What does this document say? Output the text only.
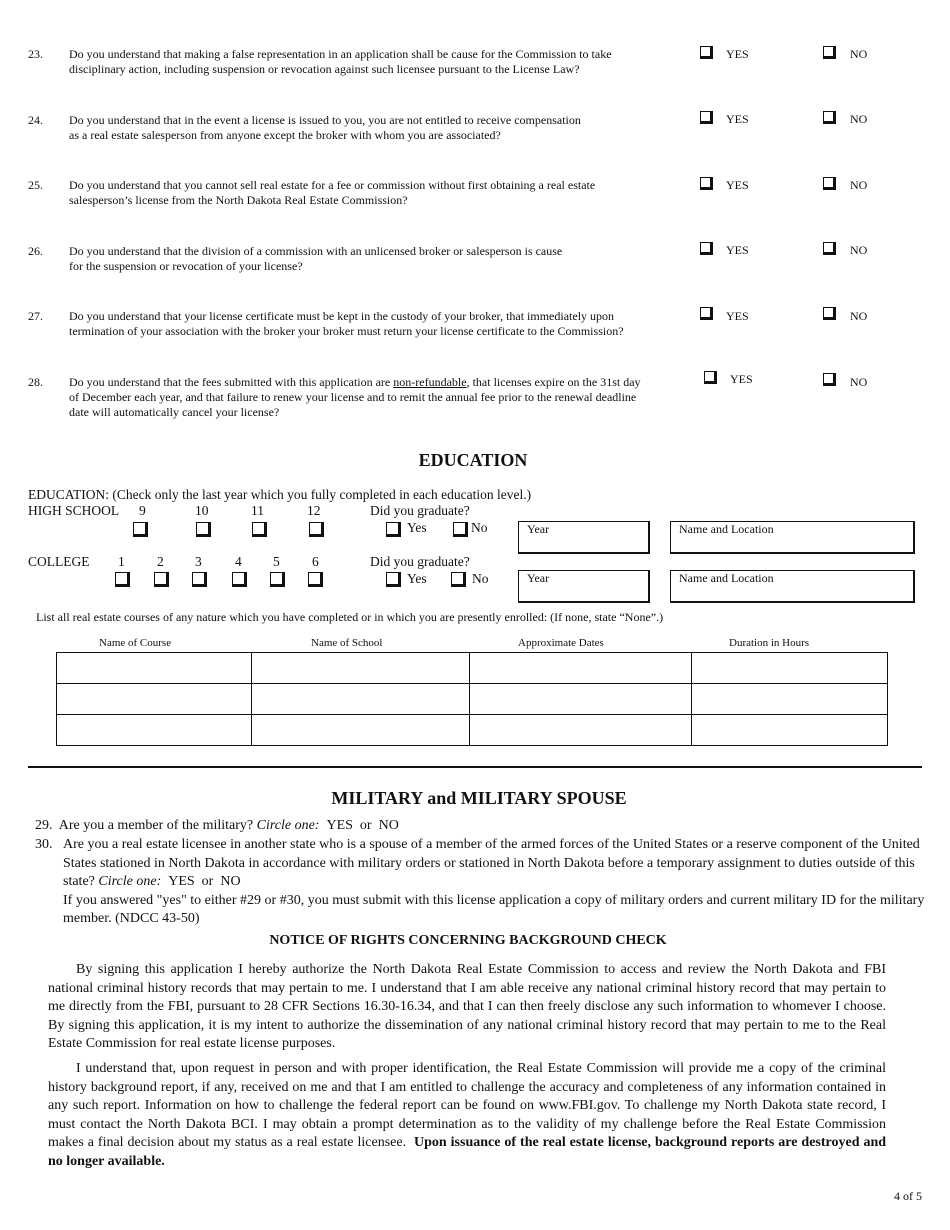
23. Do you understand that making a false representation in an application shall be cause for the Commission to take
disciplinary action, including suspension or revocation against such licensee pursuant to the License Law?
YES	NO
24. Do you understand that in the event a license is issued to you, you are not entitled to receive compensation
as a real estate salesperson from anyone except the broker with whom you are associated?
YES	NO
25. Do you understand that you cannot sell real estate for a fee or commission without first obtaining a real estate
salesperson’s license from the North Dakota Real Estate Commission?
YES	NO
26. Do you understand that the division of a commission with an unlicensed broker or salesperson is cause
for the suspension or revocation of your license?
YES	NO
27. Do you understand that your license certificate must be kept in the custody of your broker, that immediately upon
termination of your association with the broker your broker must return your license certificate to the Commission?
YES	NO
28. Do you understand that the fees submitted with this application are non-refundable, that licenses expire on the 31st day
of December each year, and that failure to renew your license and to remit the annual fee prior to the renewal deadline
date will automatically cancel your license?
YES	NO
EDUCATION
EDUCATION: (Check only the last year which you fully completed in each education level.)
HIGH SCHOOL 9	10	11	12	Did you graduate?
Yes	No	Year	Name and Location
COLLEGE 1 2 3 4 5 6	Did you graduate?
Yes	No	Year	Name and Location
List all real estate courses of any nature which you have completed or in which you are presently enrolled: (If none, state “None”.)
Name of Course	Name of School	Approximate Dates	Duration in Hours

MILITARY and MILITARY SPOUSE
29. Are you a member of the military? Circle one: YES  or  NO
30. Are you a real estate licensee in another state who is a spouse of a member of the armed forces of the United States or a reserve component of the United States stationed in North Dakota in accordance with military orders or stationed in North Dakota before a temporary assignment to duties outside of this state? Circle one: YES  or  NO
If you answered "yes" to either #29 or #30, you must submit with this license application a copy of military orders and current military ID for the military member. (NDCC 43-50)
NOTICE OF RIGHTS CONCERNING BACKGROUND CHECK
By signing this application I hereby authorize the North Dakota Real Estate Commission to access and review the North Dakota and FBI national criminal history records that may pertain to me. I understand that I am able receive any national criminal history record that may pertain to me directly from the FBI, pursuant to 28 CFR Sections 16.30-16.34, and that I can then freely disclose any such information to whomever I choose. By signing this application, it is my intent to authorize the dissemination of any national criminal history record that may pertain to me to the Real Estate Commission for real estate license purposes.
I understand that, upon request in person and with proper identification, the Real Estate Commission will provide me a copy of the criminal history background report, if any, received on me and that I am entitled to challenge the accuracy and completeness of any information contained in any such report. Information on how to challenge the federal report can be found on www.FBI.gov. To challenge my North Dakota state record, I must contact the North Dakota BCI. I may obtain a prompt determination as to the validity of my challenge before the Real Estate Commission makes a final decision about my status as a real estate licensee. Upon issuance of the real estate license, background reports are destroyed and no longer available.
4 of 5
